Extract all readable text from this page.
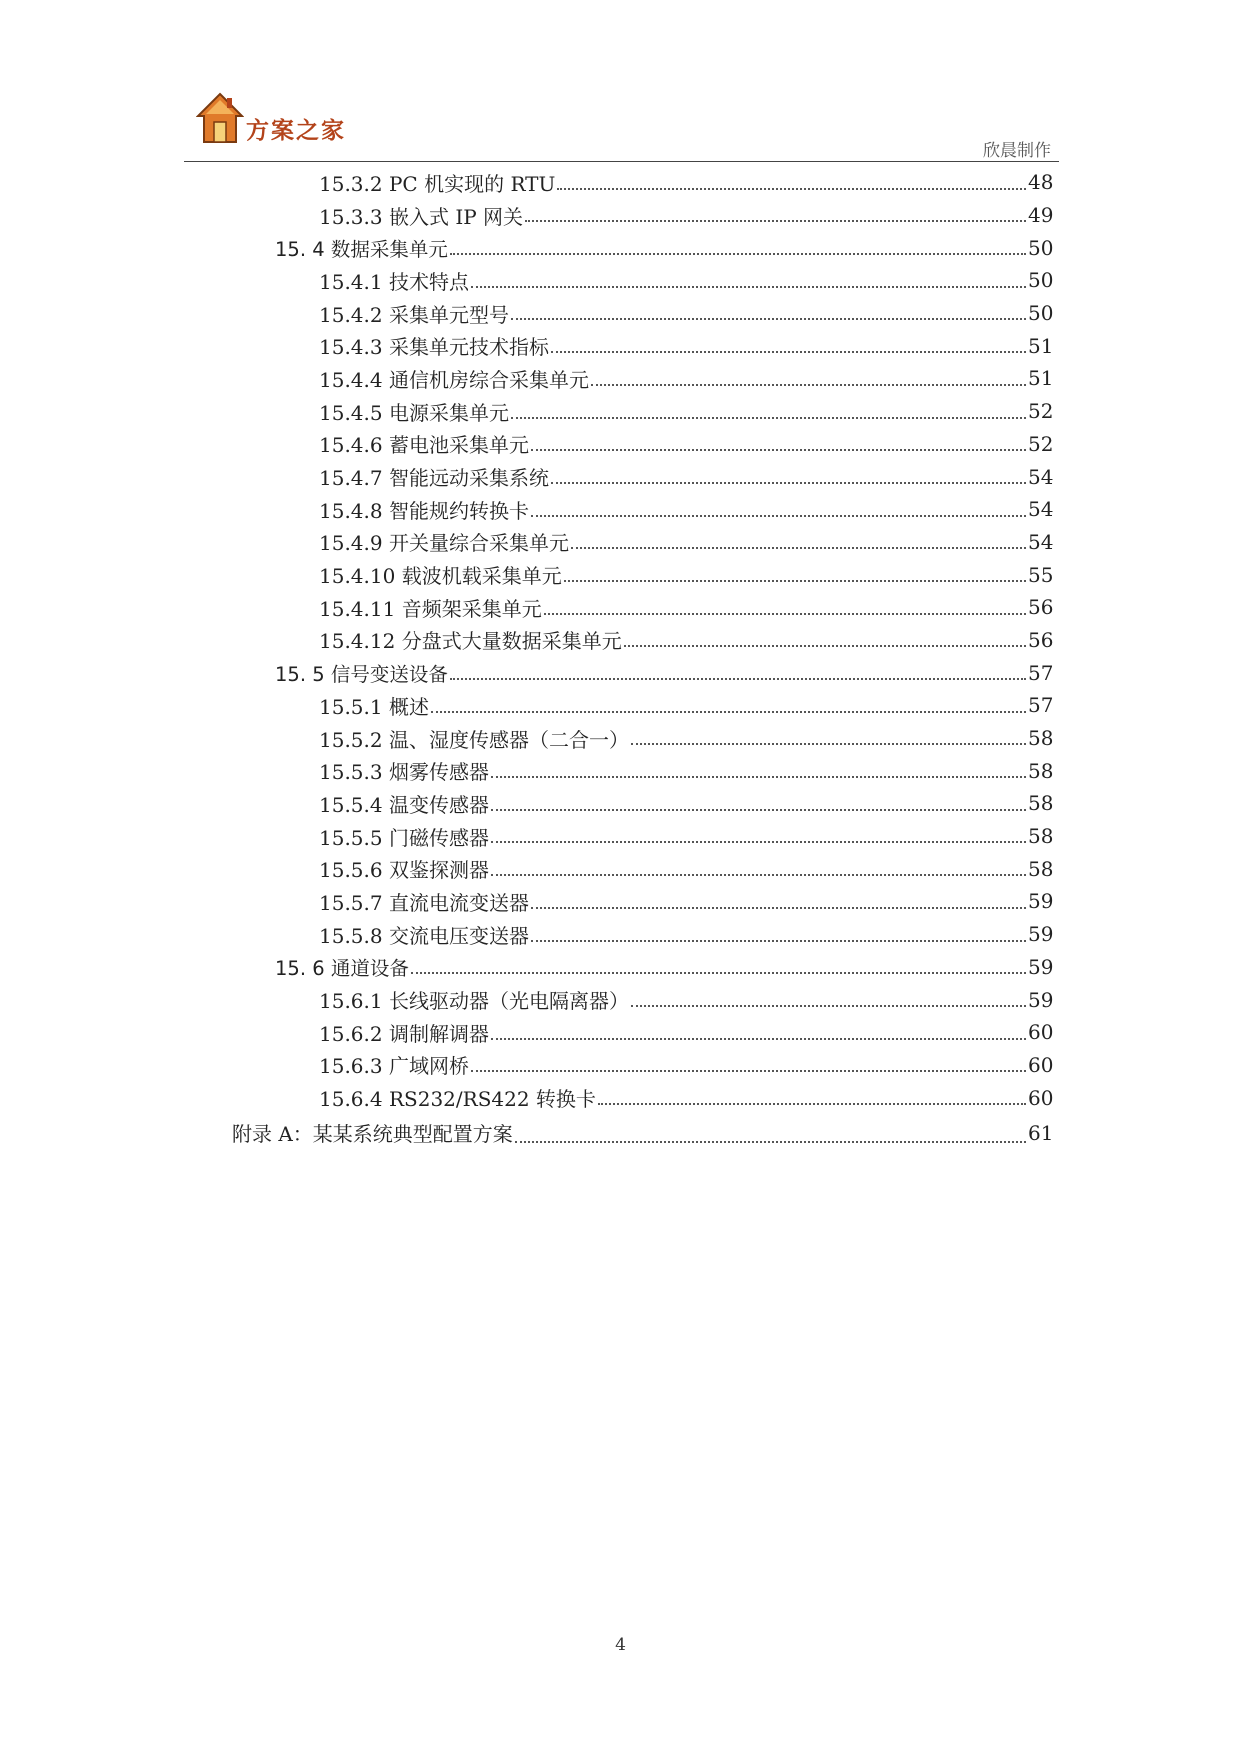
方案之家
欣晨制作
15.3.2 PC 机实现的 RTU	48
15.3.3 嵌入式 IP 网关	49
15. 4 数据采集单元	50
15.4.1 技术特点	50
15.4.2 采集单元型号	50
15.4.3 采集单元技术指标	51
15.4.4 通信机房综合采集单元	51
15.4.5 电源采集单元	52
15.4.6 蓄电池采集单元	52
15.4.7 智能远动采集系统	54
15.4.8 智能规约转换卡	54
15.4.9 开关量综合采集单元	54
15.4.10 载波机载采集单元	55
15.4.11 音频架采集单元	56
15.4.12 分盘式大量数据采集单元	56
15. 5 信号变送设备	57
15.5.1 概述	57
15.5.2 温、湿度传感器（二合一）	58
15.5.3 烟雾传感器	58
15.5.4 温变传感器	58
15.5.5 门磁传感器	58
15.5.6 双鉴探测器	58
15.5.7 直流电流变送器	59
15.5.8 交流电压变送器	59
15. 6 通道设备	59
15.6.1 长线驱动器（光电隔离器）	59
15.6.2 调制解调器	60
15.6.3 广域网桥	60
15.6.4 RS232/RS422 转换卡	60
附录 A：某某系统典型配置方案	61
4
